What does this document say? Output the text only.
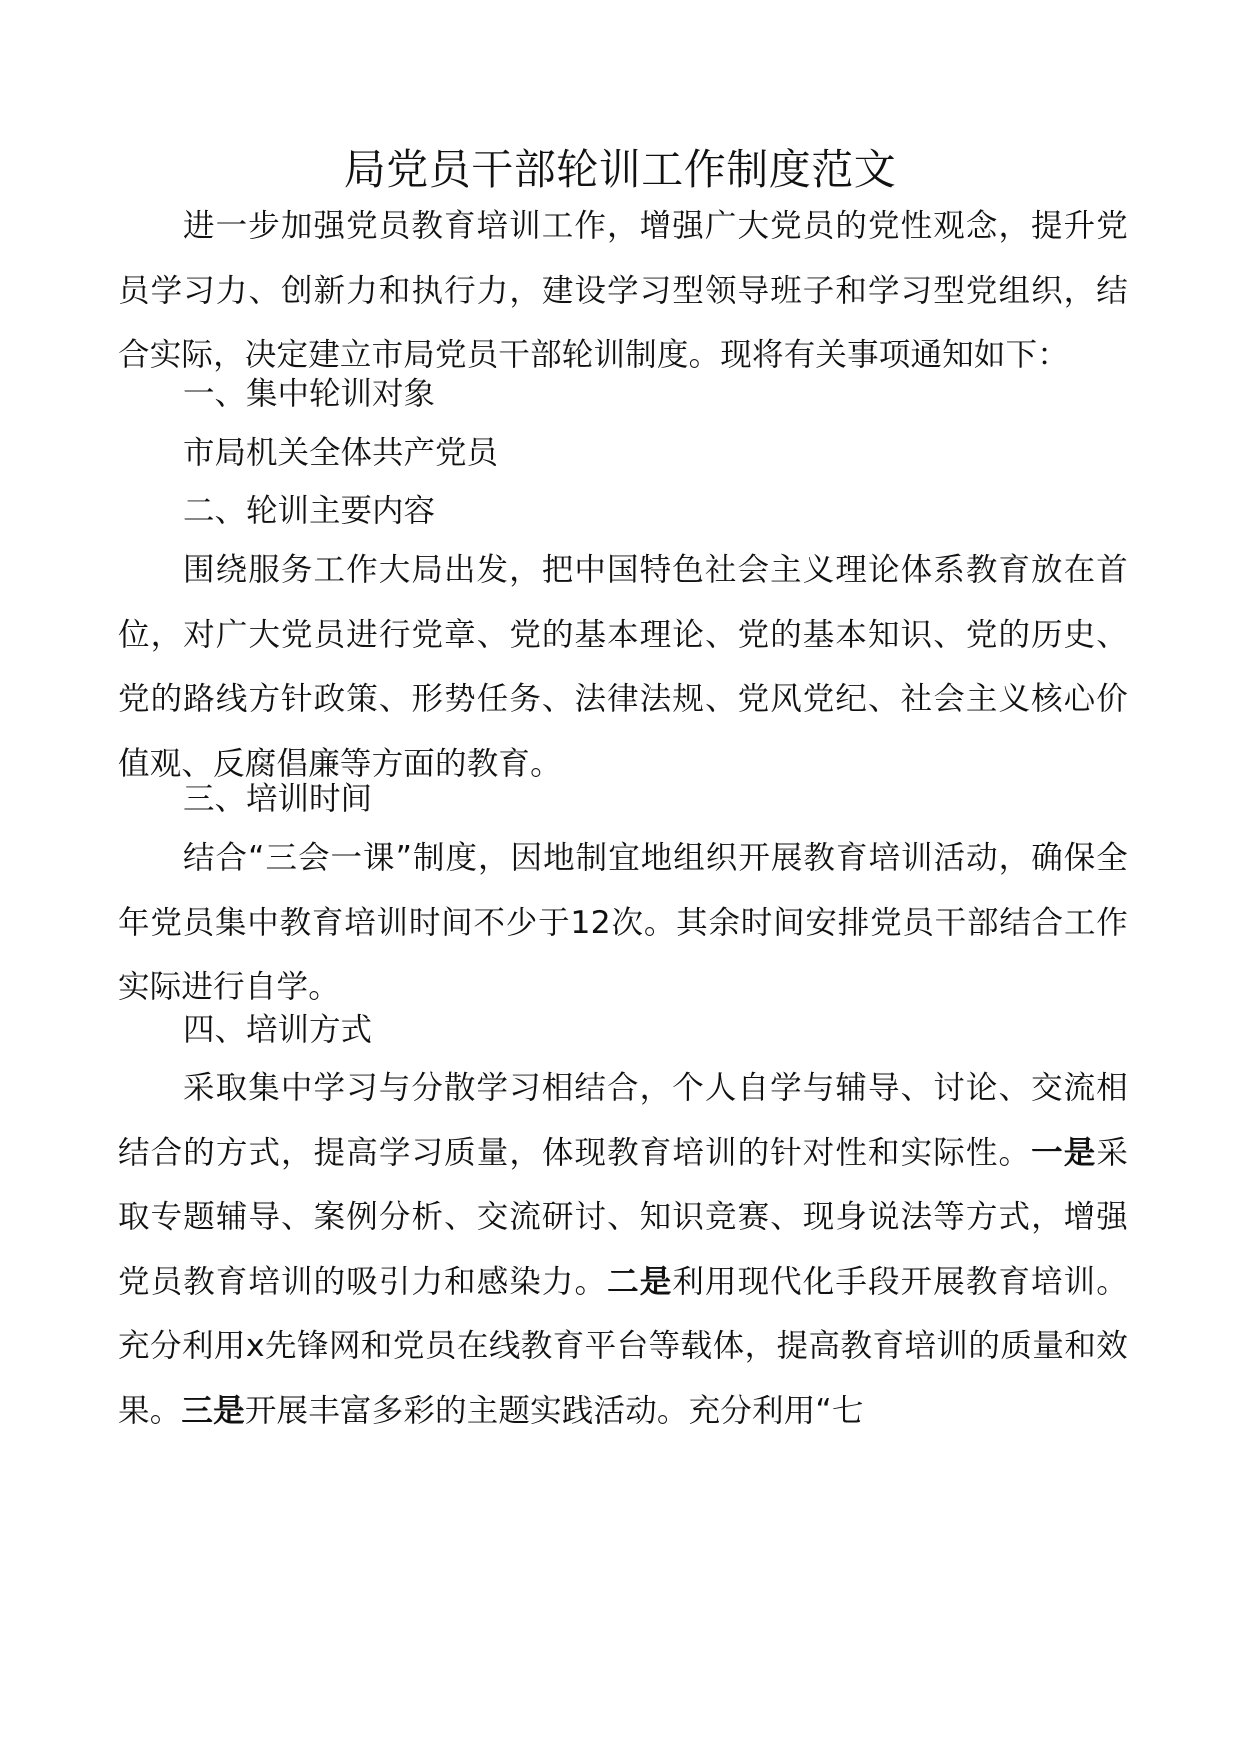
局党员干部轮训工作制度范文

进一步加强党员教育培训工作，增强广大党员的党性观念，提升党员学习力、创新力和执行力，建设学习型领导班子和学习型党组织，结合实际，决定建立市局党员干部轮训制度。现将有关事项通知如下：

一、集中轮训对象

市局机关全体共产党员

二、轮训主要内容

围绕服务工作大局出发，把中国特色社会主义理论体系教育放在首位，对广大党员进行党章、党的基本理论、党的基本知识、党的历史、党的路线方针政策、形势任务、法律法规、党风党纪、社会主义核心价值观、反腐倡廉等方面的教育。

三、培训时间

结合“三会一课”制度，因地制宜地组织开展教育培训活动，确保全年党员集中教育培训时间不少于12次。其余时间安排党员干部结合工作实际进行自学。

四、培训方式

采取集中学习与分散学习相结合，个人自学与辅导、讨论、交流相结合的方式，提高学习质量，体现教育培训的针对性和实际性。一是采取专题辅导、案例分析、交流研讨、知识竞赛、现身说法等方式，增强党员教育培训的吸引力和感染力。二是利用现代化手段开展教育培训。充分利用x先锋网和党员在线教育平台等载体，提高教育培训的质量和效果。三是开展丰富多彩的主题实践活动。充分利用“七
